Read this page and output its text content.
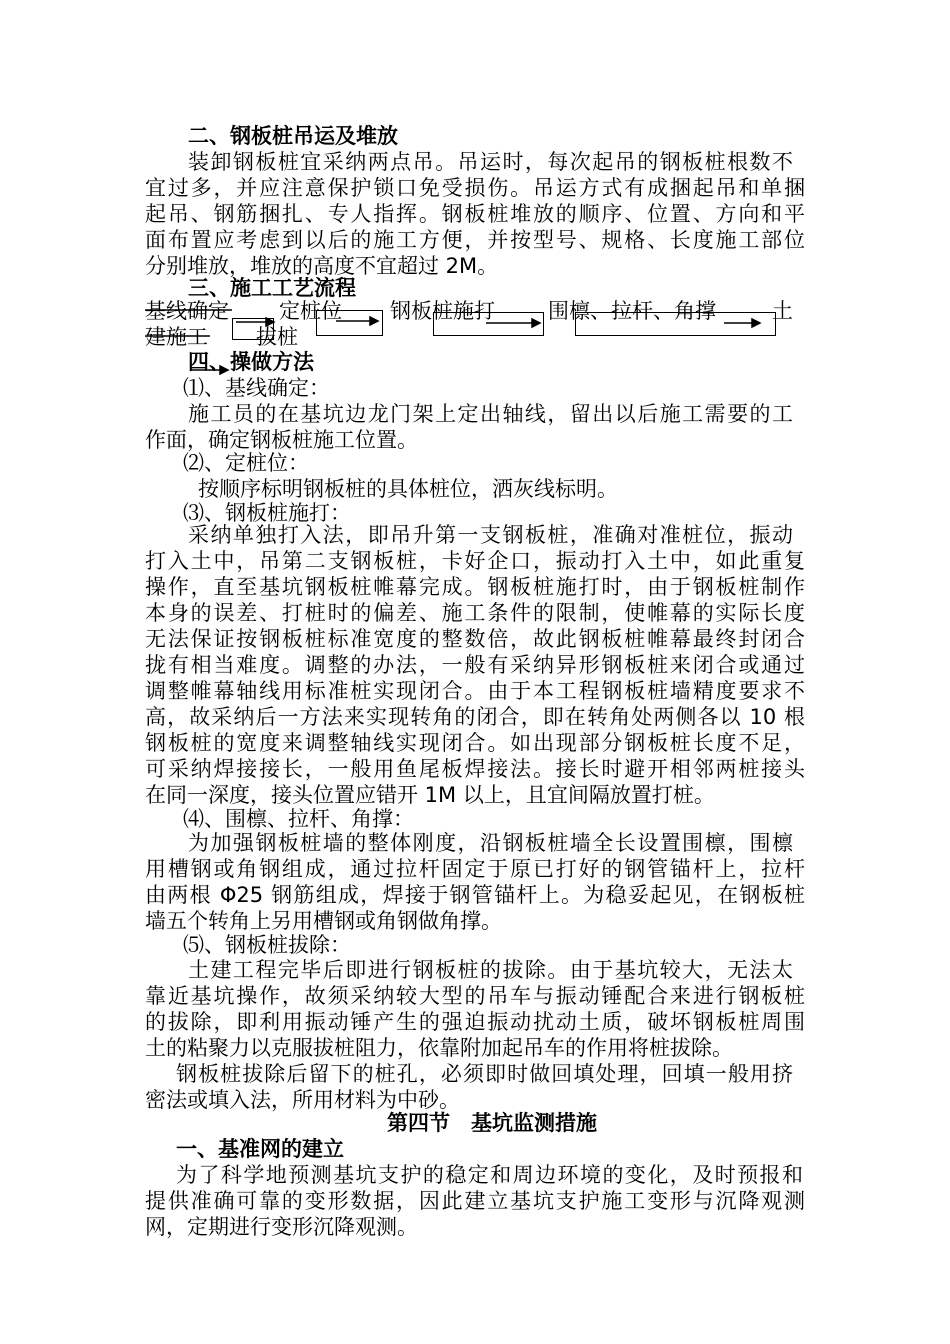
二、钢板桩吊运及堆放
装卸钢板桩宜采纳两点吊。吊运时，每次起吊的钢板桩根数不
宜过多，并应注意保护锁口免受损伤。吊运方式有成捆起吊和单捆
起吊、钢筋捆扎、专人指挥。钢板桩堆放的顺序、位置、方向和平
面布置应考虑到以后的施工方便，并按型号、规格、长度施工部位
分别堆放，堆放的高度不宜超过 2M。
三、施工工艺流程
基线确定 定桩位 钢板桩施打	围檩、拉杆、角撑	土
建施工 拔桩
四、操做方法
⑴、基线确定：
施工员的在基坑边龙门架上定出轴线，留出以后施工需要的工
作面，确定钢板桩施工位置。
⑵、定桩位：
按顺序标明钢板桩的具体桩位，洒灰线标明。
⑶、钢板桩施打：
采纳单独打入法，即吊升第一支钢板桩，准确对准桩位，振动
打入土中，吊第二支钢板桩，卡好企口，振动打入土中，如此重复
操作，直至基坑钢板桩帷幕完成。钢板桩施打时，由于钢板桩制作
本身的误差、打桩时的偏差、施工条件的限制，使帷幕的实际长度
无法保证按钢板桩标准宽度的整数倍，故此钢板桩帷幕最终封闭合
拢有相当难度。调整的办法，一般有采纳异形钢板桩来闭合或通过
调整帷幕轴线用标准桩实现闭合。由于本工程钢板桩墙精度要求不
高，故采纳后一方法来实现转角的闭合，即在转角处两侧各以 10 根
钢板桩的宽度来调整轴线实现闭合。如出现部分钢板桩长度不足，
可采纳焊接接长，一般用鱼尾板焊接法。接长时避开相邻两桩接头
在同一深度，接头位置应错开 1M 以上，且宜间隔放置打桩。
⑷、围檩、拉杆、角撑：
为加强钢板桩墙的整体刚度，沿钢板桩墙全长设置围檩，围檩
用槽钢或角钢组成，通过拉杆固定于原已打好的钢管锚杆上，拉杆
由两根 Φ25 钢筋组成，焊接于钢管锚杆上。为稳妥起见，在钢板桩
墙五个转角上另用槽钢或角钢做角撑。
⑸、钢板桩拔除：
土建工程完毕后即进行钢板桩的拔除。由于基坑较大，无法太
靠近基坑操作，故须采纳较大型的吊车与振动锤配合来进行钢板桩
的拔除，即利用振动锤产生的强迫振动扰动土质，破坏钢板桩周围
土的粘聚力以克服拔桩阻力，依靠附加起吊车的作用将桩拔除。
钢板桩拔除后留下的桩孔，必须即时做回填处理，回填一般用挤
密法或填入法，所用材料为中砂。
第四节　基坑监测措施
一、基准网的建立
为了科学地预测基坑支护的稳定和周边环境的变化，及时预报和
提供准确可靠的变形数据，因此建立基坑支护施工变形与沉降观测
网，定期进行变形沉降观测。
